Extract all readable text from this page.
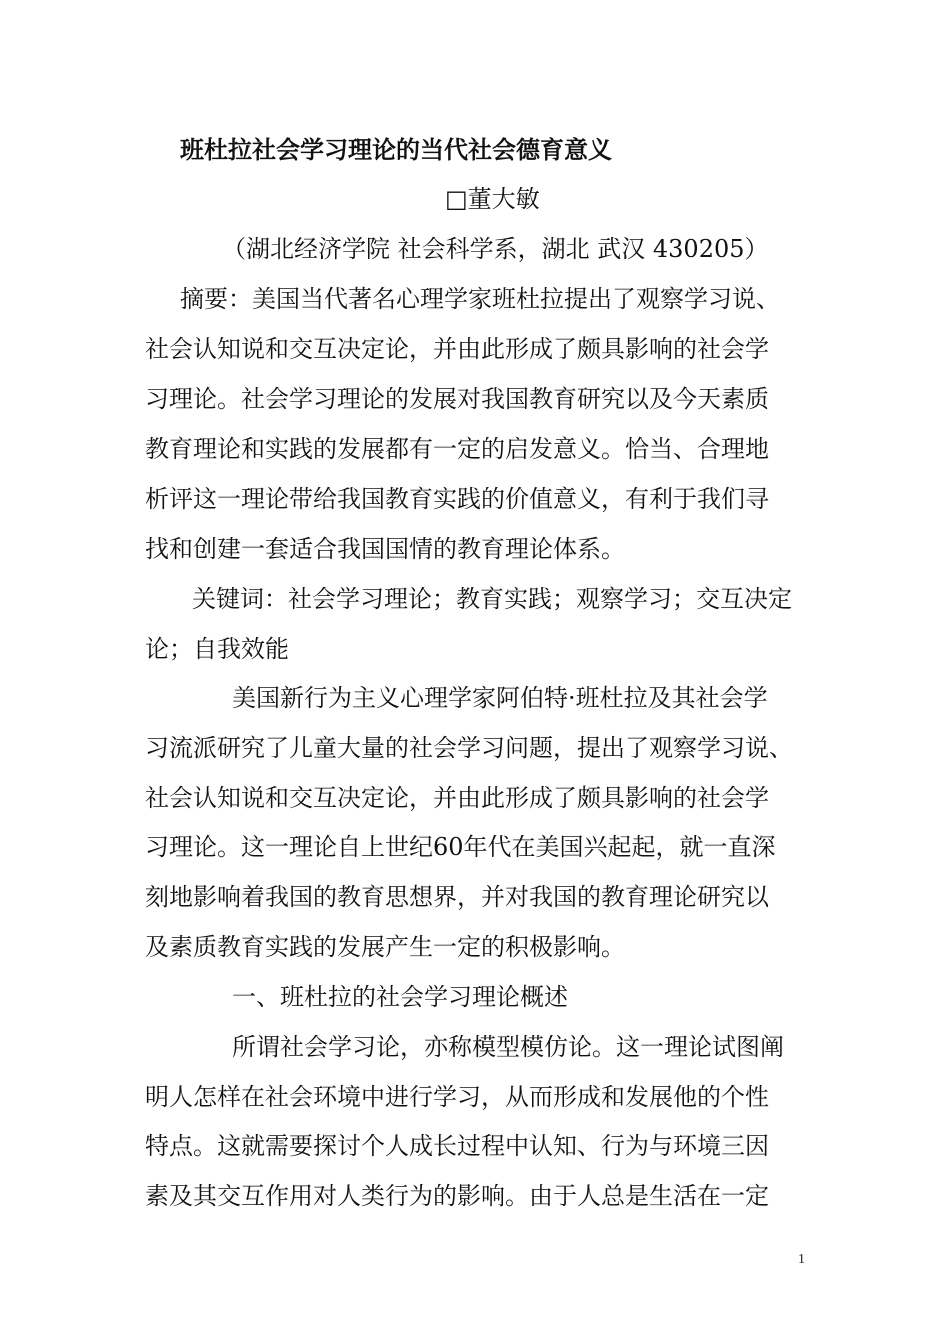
班杜拉社会学习理论的当代社会德育意义
□董大敏
（湖北经济学院 社会科学系，湖北 武汉 430205）
摘要：美国当代著名心理学家班杜拉提出了观察学习说、
社会认知说和交互决定论，并由此形成了颇具影响的社会学
习理论。社会学习理论的发展对我国教育研究以及今天素质
教育理论和实践的发展都有一定的启发意义。恰当、合理地
析评这一理论带给我国教育实践的价值意义，有利于我们寻
找和创建一套适合我国国情的教育理论体系。
关键词：社会学习理论；教育实践；观察学习；交互决定
论；自我效能
美国新行为主义心理学家阿伯特·班杜拉及其社会学
习流派研究了儿童大量的社会学习问题，提出了观察学习说、
社会认知说和交互决定论，并由此形成了颇具影响的社会学
习理论。这一理论自上世纪60年代在美国兴起起，就一直深
刻地影响着我国的教育思想界，并对我国的教育理论研究以
及素质教育实践的发展产生一定的积极影响。
一、班杜拉的社会学习理论概述
所谓社会学习论，亦称模型模仿论。这一理论试图阐
明人怎样在社会环境中进行学习，从而形成和发展他的个性
特点。这就需要探讨个人成长过程中认知、行为与环境三因
素及其交互作用对人类行为的影响。由于人总是生活在一定
1
